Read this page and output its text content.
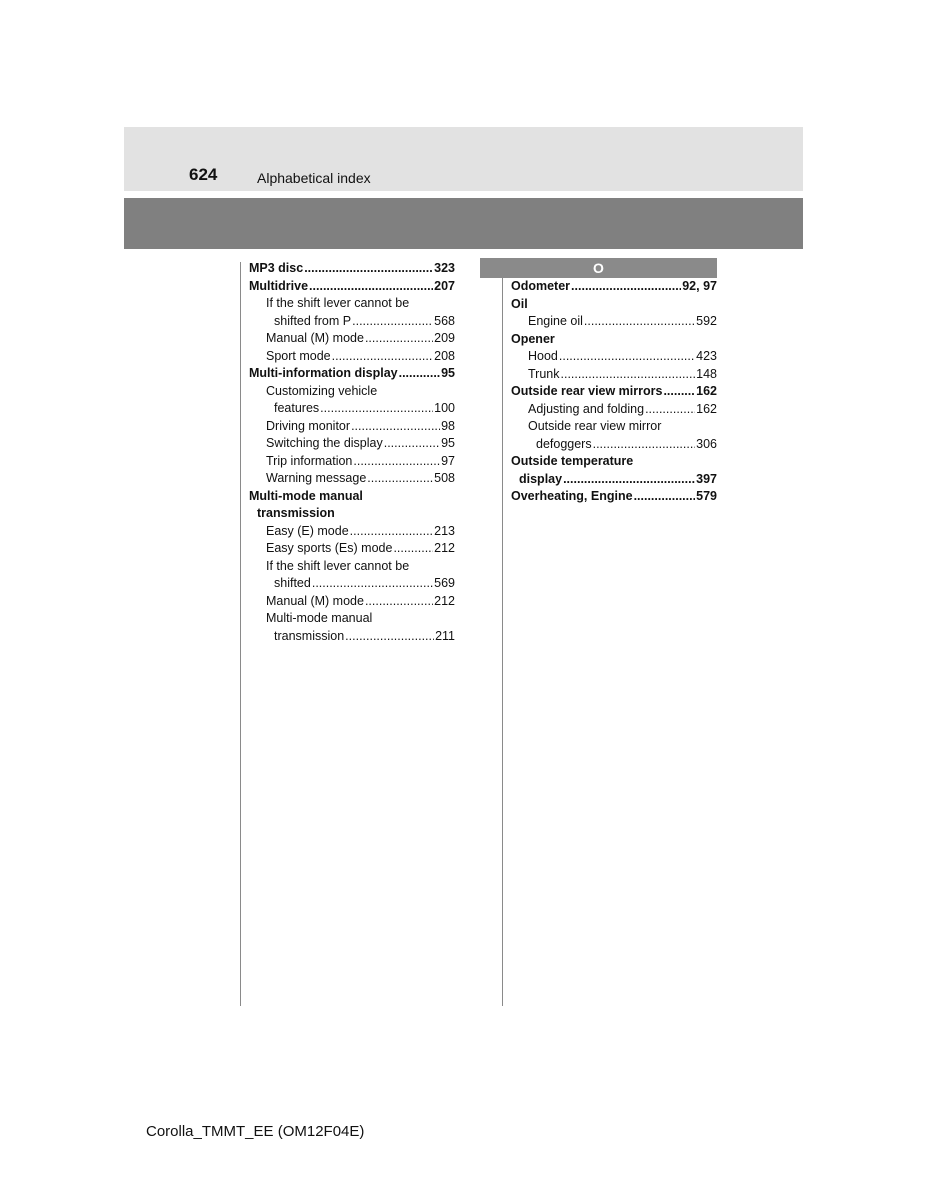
624	Alphabetical index
MP3 disc .....	323
Multidrive .....	207
If the shift lever cannot be
shifted from P .....	568
Manual (M) mode .....	209
Sport mode .....	208
Multi-information display .....	95
Customizing vehicle
features .....	100
Driving monitor .....	98
Switching the display .....	95
Trip information .....	97
Warning message .....	508
Multi-mode manual
transmission
Easy (E) mode .....	213
Easy sports (Es) mode .....	212
If the shift lever cannot be
shifted .....	569
Manual (M) mode .....	212
Multi-mode manual
transmission .....	211
O
Odometer .....	92, 97
Oil
Engine oil .....	592
Opener
Hood .....	423
Trunk .....	148
Outside rear view mirrors .....	162
Adjusting and folding .....	162
Outside rear view mirror
defoggers .....	306
Outside temperature
display .....	397
Overheating, Engine .....	579
Corolla_TMMT_EE (OM12F04E)
